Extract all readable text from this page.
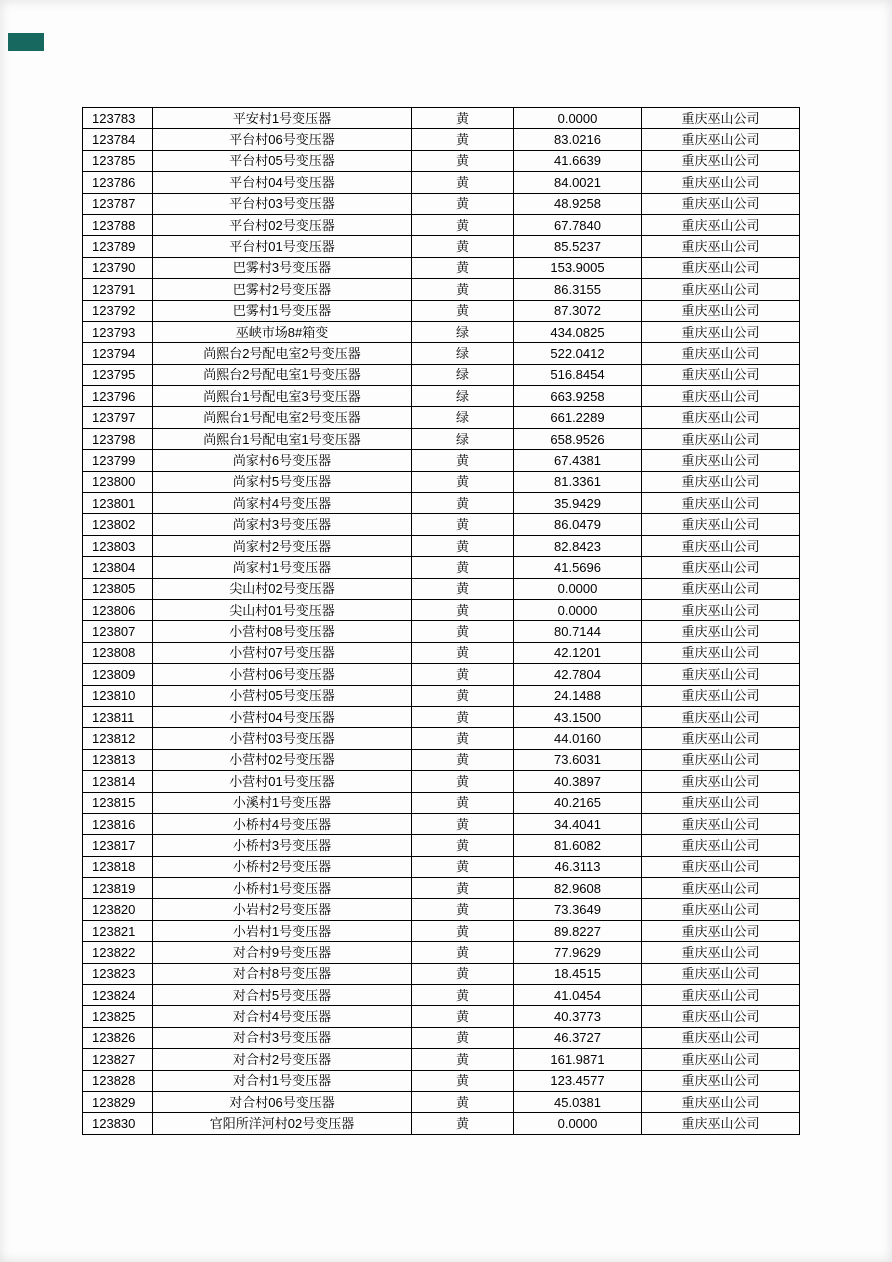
123783	平安村1号变压器	黄	0.0000	重庆巫山公司
123784	平台村06号变压器	黄	83.0216	重庆巫山公司
123785	平台村05号变压器	黄	41.6639	重庆巫山公司
123786	平台村04号变压器	黄	84.0021	重庆巫山公司
123787	平台村03号变压器	黄	48.9258	重庆巫山公司
123788	平台村02号变压器	黄	67.7840	重庆巫山公司
123789	平台村01号变压器	黄	85.5237	重庆巫山公司
123790	巴雾村3号变压器	黄	153.9005	重庆巫山公司
123791	巴雾村2号变压器	黄	86.3155	重庆巫山公司
123792	巴雾村1号变压器	黄	87.3072	重庆巫山公司
123793	巫峡市场8#箱变	绿	434.0825	重庆巫山公司
123794	尚熙台2号配电室2号变压器	绿	522.0412	重庆巫山公司
123795	尚熙台2号配电室1号变压器	绿	516.8454	重庆巫山公司
123796	尚熙台1号配电室3号变压器	绿	663.9258	重庆巫山公司
123797	尚熙台1号配电室2号变压器	绿	661.2289	重庆巫山公司
123798	尚熙台1号配电室1号变压器	绿	658.9526	重庆巫山公司
123799	尚家村6号变压器	黄	67.4381	重庆巫山公司
123800	尚家村5号变压器	黄	81.3361	重庆巫山公司
123801	尚家村4号变压器	黄	35.9429	重庆巫山公司
123802	尚家村3号变压器	黄	86.0479	重庆巫山公司
123803	尚家村2号变压器	黄	82.8423	重庆巫山公司
123804	尚家村1号变压器	黄	41.5696	重庆巫山公司
123805	尖山村02号变压器	黄	0.0000	重庆巫山公司
123806	尖山村01号变压器	黄	0.0000	重庆巫山公司
123807	小营村08号变压器	黄	80.7144	重庆巫山公司
123808	小营村07号变压器	黄	42.1201	重庆巫山公司
123809	小营村06号变压器	黄	42.7804	重庆巫山公司
123810	小营村05号变压器	黄	24.1488	重庆巫山公司
123811	小营村04号变压器	黄	43.1500	重庆巫山公司
123812	小营村03号变压器	黄	44.0160	重庆巫山公司
123813	小营村02号变压器	黄	73.6031	重庆巫山公司
123814	小营村01号变压器	黄	40.3897	重庆巫山公司
123815	小溪村1号变压器	黄	40.2165	重庆巫山公司
123816	小桥村4号变压器	黄	34.4041	重庆巫山公司
123817	小桥村3号变压器	黄	81.6082	重庆巫山公司
123818	小桥村2号变压器	黄	46.3113	重庆巫山公司
123819	小桥村1号变压器	黄	82.9608	重庆巫山公司
123820	小岩村2号变压器	黄	73.3649	重庆巫山公司
123821	小岩村1号变压器	黄	89.8227	重庆巫山公司
123822	对合村9号变压器	黄	77.9629	重庆巫山公司
123823	对合村8号变压器	黄	18.4515	重庆巫山公司
123824	对合村5号变压器	黄	41.0454	重庆巫山公司
123825	对合村4号变压器	黄	40.3773	重庆巫山公司
123826	对合村3号变压器	黄	46.3727	重庆巫山公司
123827	对合村2号变压器	黄	161.9871	重庆巫山公司
123828	对合村1号变压器	黄	123.4577	重庆巫山公司
123829	对合村06号变压器	黄	45.0381	重庆巫山公司
123830	官阳所洋河村02号变压器	黄	0.0000	重庆巫山公司
